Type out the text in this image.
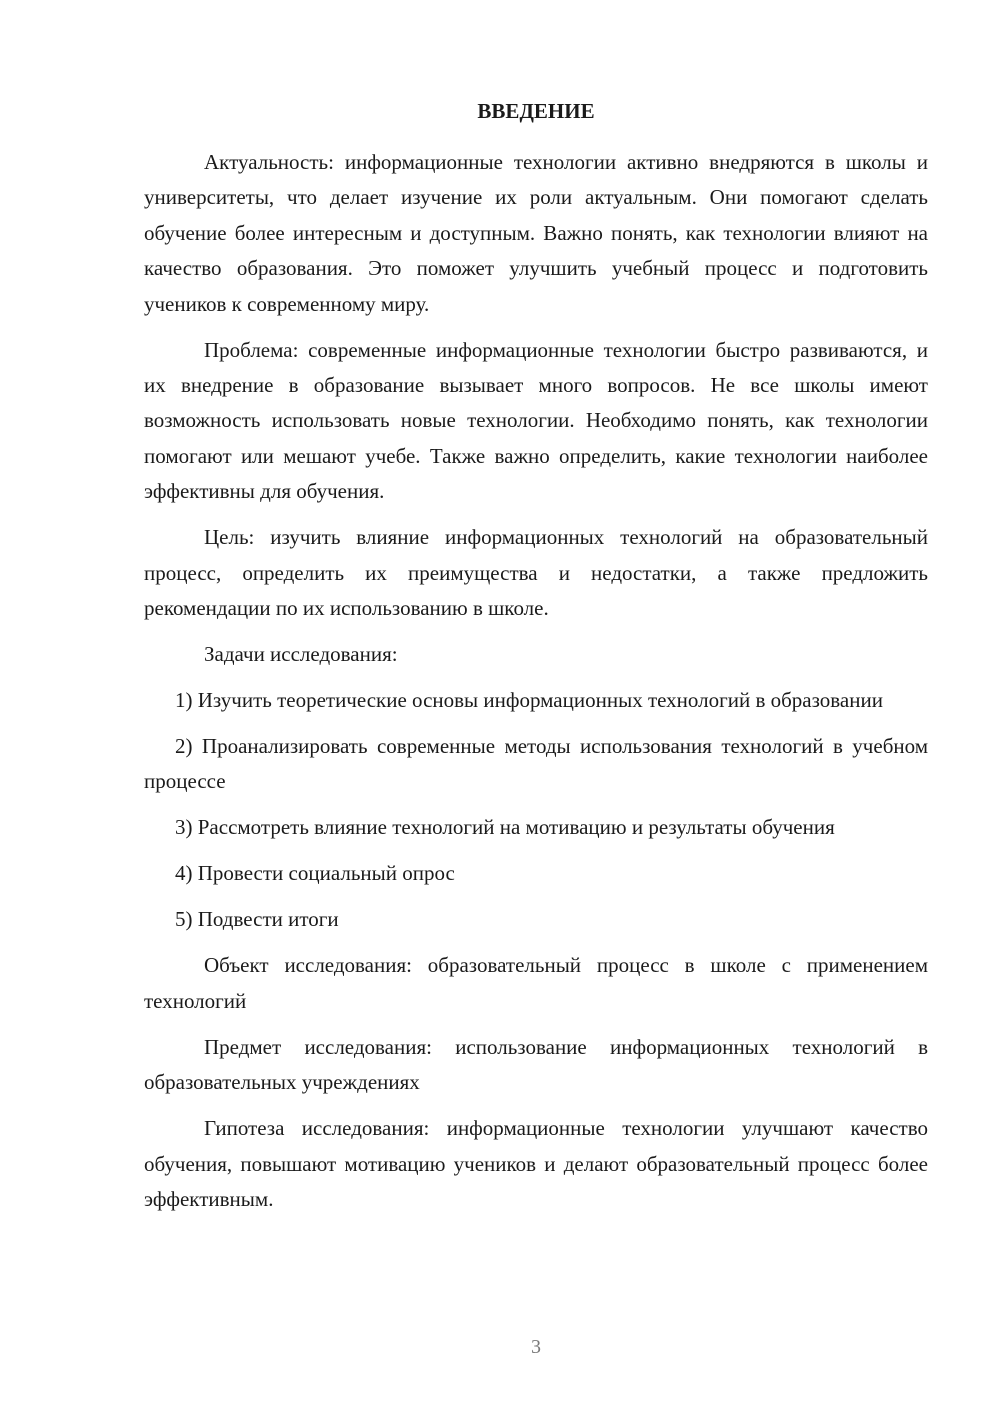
ВВЕДЕНИЕ

Актуальность: информационные технологии активно внедряются в школы и университеты, что делает изучение их роли актуальным. Они помогают сделать обучение более интересным и доступным. Важно понять, как технологии влияют на качество образования. Это поможет улучшить учебный процесс и подготовить учеников к современному миру.

Проблема: современные информационные технологии быстро развиваются, и их внедрение в образование вызывает много вопросов. Не все школы имеют возможность использовать новые технологии. Необходимо понять, как технологии помогают или мешают учебе. Также важно определить, какие технологии наиболее эффективны для обучения.

Цель: изучить влияние информационных технологий на образовательный процесс, определить их преимущества и недостатки, а также предложить рекомендации по их использованию в школе.

Задачи исследования:

1) Изучить теоретические основы информационных технологий в образовании

2) Проанализировать современные методы использования технологий в учебном процессе

3) Рассмотреть влияние технологий на мотивацию и результаты обучения

4) Провести социальный опрос

5) Подвести итоги

Объект исследования: образовательный процесс в школе с применением технологий

Предмет исследования: использование информационных технологий в образовательных учреждениях

Гипотеза исследования: информационные технологии улучшают качество обучения, повышают мотивацию учеников и делают образовательный процесс более эффективным.

3
